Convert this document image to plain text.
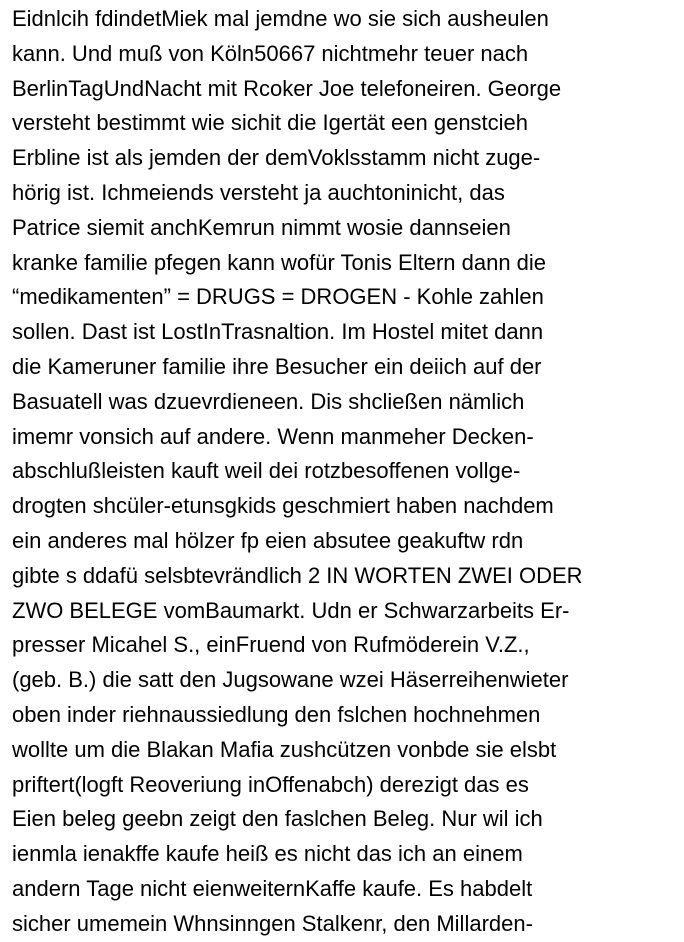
Eidnlcih fdindetMiek mal jemdne wo sie sich ausheulen
kann. Und muß von Köln50667 nichtmehr teuer nach
BerlinTagUndNacht mit Rcoker Joe telefoneiren. George
versteht bestimmt wie sichit die Igertät een genstcieh
Erbline ist als jemden der demVoklsstamm nicht zuge-
hörig ist. Ichmeiends versteht ja auchtoninicht, das
Patrice siemit anchKemrun nimmt wosie dannseien
kranke familie pfegen kann wofür Tonis Eltern dann die
“medikamenten” = DRUGS = DROGEN - Kohle zahlen
sollen. Dast ist LostInTrasnaltion. Im Hostel mitet dann
die Kameruner familie ihre Besucher ein deiich auf der
Basuatell was dzuevrdieneen. Dis shcließen nämlich
imemr vonsich auf andere. Wenn manmeher Decken-
abschlußleisten kauft weil dei rotzbesoffenen vollge-
drogten shcüler-etunsgkids geschmiert haben nachdem
ein anderes mal hölzer fp eien absutee geakuftw rdn
gibte s ddafü selsbtevrändlich 2 IN WORTEN ZWEI ODER
ZWO BELEGE vomBaumarkt. Udn er Schwarzarbeits Er-
presser Micahel S., einFruend von Rufmöderein V.Z.,
(geb. B.) die satt den Jugsowane wzei Häserreihenwieter
oben inder riehnaussiedlung den fslchen hochnehmen
wollte um die Blakan Mafia zushcützen vonbde sie elsbt
priftert(logft Reoveriung inOffenabch) derezigt das es
Eien beleg geebn zeigt den faslchen Beleg. Nur wil ich
ienmla ienakffe kaufe heiß es nicht das ich an einem
andern Tage nicht eienweiternKaffe kaufe. Es habdelt
sicher umemein Whnsinngen Stalkenr, den Millarden-
